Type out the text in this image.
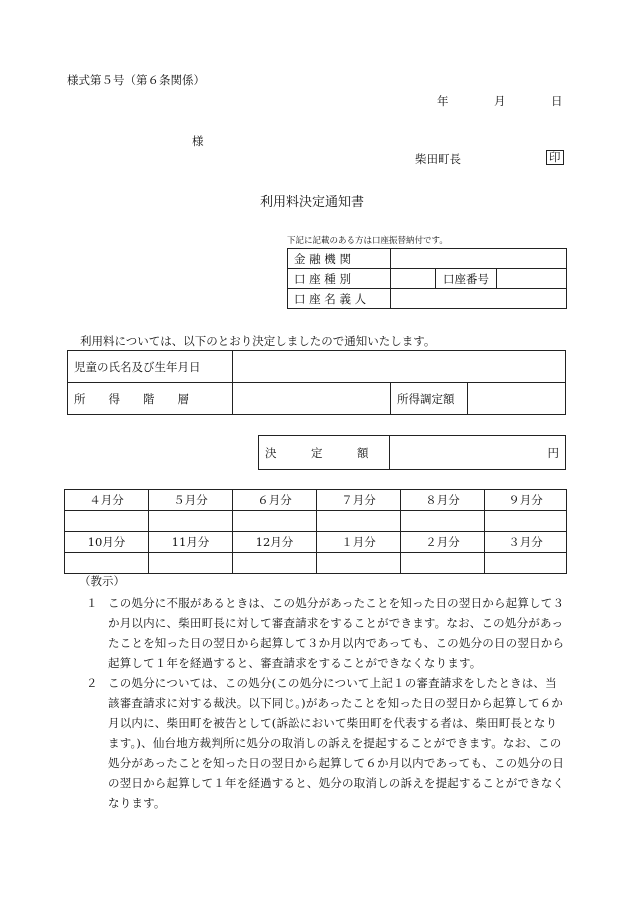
様式第５号（第６条関係）
年	月	日
様
柴田町長	印
利用料決定通知書
下記に記載のある方は口座振替納付です。
金 融 機 関			
口 座 種 別		口座番号	
口 座 名 義 人			
利用料については、以下のとおり決定しましたので通知いたします。
児童の氏名及び生年月日			
所　　得　　階　　層		所得調定額	
決　　　定　　　額	円
４月分	５月分	６月分	７月分	８月分	９月分

10月分	11月分	12月分	１月分	２月分	３月分

（教示）
１ この処分に不服があるときは、この処分があったことを知った日の翌日から起算して３か月以内に、柴田町長に対して審査請求をすることができます。なお、この処分があったことを知った日の翌日から起算して３か月以内であっても、この処分の日の翌日から起算して１年を経過すると、審査請求をすることができなくなります。

２ この処分については、この処分(この処分について上記１の審査請求をしたときは、当該審査請求に対する裁決。以下同じ。)があったことを知った日の翌日から起算して６か月以内に、柴田町を被告として(訴訟において柴田町を代表する者は、柴田町長となります。)、仙台地方裁判所に処分の取消しの訴えを提起することができます。なお、この処分があったことを知った日の翌日から起算して６か月以内であっても、この処分の日の翌日から起算して１年を経過すると、処分の取消しの訴えを提起することができなくなります。
